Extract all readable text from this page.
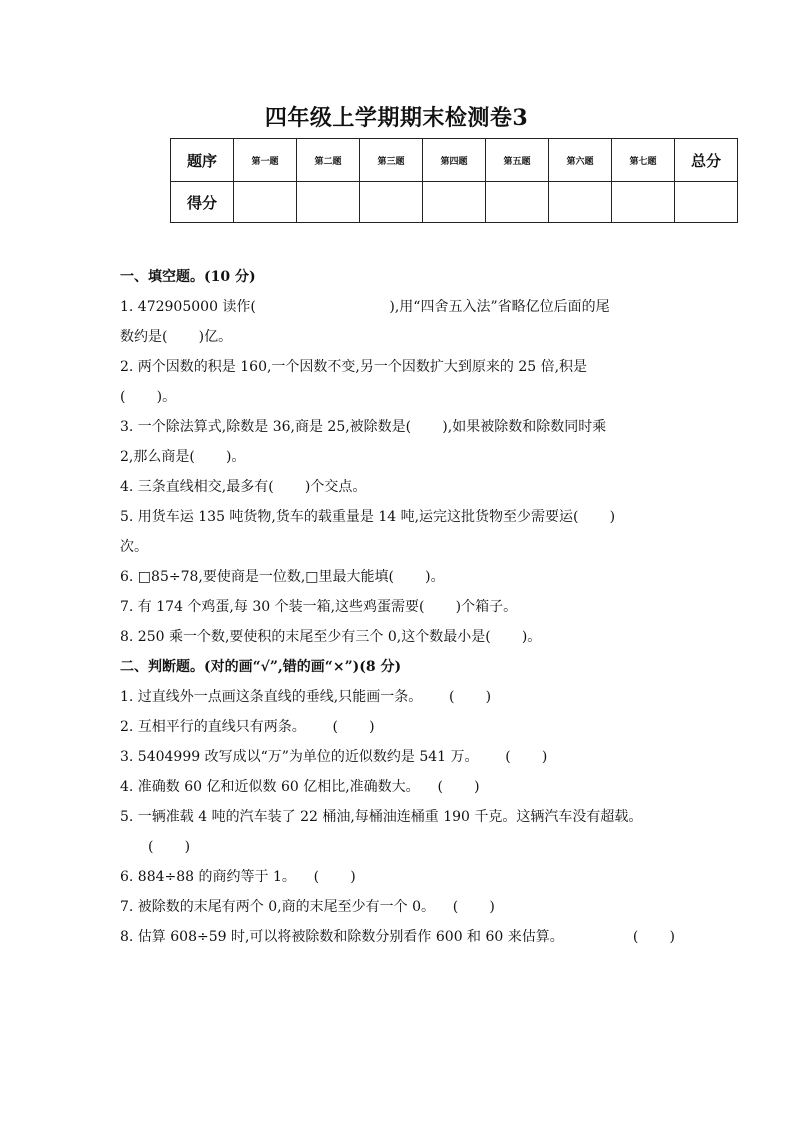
四年级上学期期末检测卷3
题序	第一题	第二题	第三题	第四题	第五题	第六题	第七题	总分
得分								
一、填空题。(10 分)
1. 472905000 读作(                              ),用“四舍五入法”省略亿位后面的尾
数约是(       )亿。
2. 两个因数的积是 160,一个因数不变,另一个因数扩大到原来的 25 倍,积是
(       )。
3. 一个除法算式,除数是 36,商是 25,被除数是(       ),如果被除数和除数同时乘
2,那么商是(       )。
4. 三条直线相交,最多有(       )个交点。
5. 用货车运 135 吨货物,货车的载重量是 14 吨,运完这批货物至少需要运(       )
次。
6. □85÷78,要使商是一位数,□里最大能填(       )。
7. 有 174 个鸡蛋,每 30 个装一箱,这些鸡蛋需要(       )个箱子。
8. 250 乘一个数,要使积的末尾至少有三个 0,这个数最小是(       )。
二、判断题。(对的画“√”,错的画“×”)(8 分)
1. 过直线外一点画这条直线的垂线,只能画一条。      (       )
2. 互相平行的直线只有两条。      (       )
3. 5404999 改写成以“万”为单位的近似数约是 541 万。      (       )
4. 准确数 60 亿和近似数 60 亿相比,准确数大。    (       )
5. 一辆准载 4 吨的汽车装了 22 桶油,每桶油连桶重 190 千克。这辆汽车没有超载。
(       )
6. 884÷88 的商约等于 1。    (       )
7. 被除数的末尾有两个 0,商的末尾至少有一个 0。    (       )
8. 估算 608÷59 时,可以将被除数和除数分别看作 600 和 60 来估算。	(       )
